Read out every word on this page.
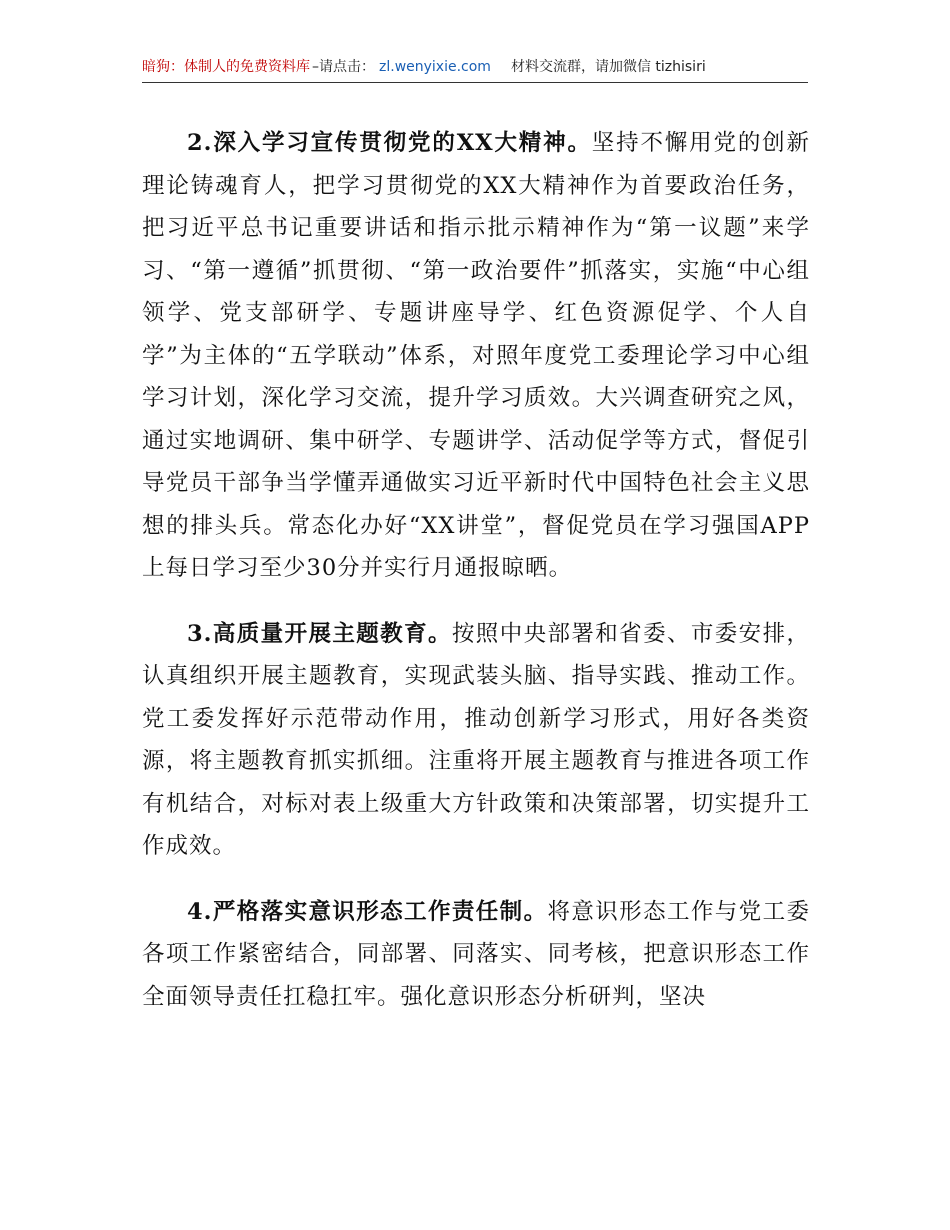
暗狗：体制人的免费资料库 –请点击： zl.wenyixie.com 材料交流群，请加微信 tizhisiri

2.深入学习宣传贯彻党的XX大精神。坚持不懈用党的创新理论铸魂育人，把学习贯彻党的XX大精神作为首要政治任务，把习近平总书记重要讲话和指示批示精神作为“第一议题”来学习、“第一遵循”抓贯彻、“第一政治要件”抓落实，实施“中心组领学、党支部研学、专题讲座导学、红色资源促学、个人自学”为主体的“五学联动”体系，对照年度党工委理论学习中心组学习计划，深化学习交流，提升学习质效。大兴调查研究之风，通过实地调研、集中研学、专题讲学、活动促学等方式，督促引导党员干部争当学懂弄通做实习近平新时代中国特色社会主义思想的排头兵。常态化办好“XX讲堂”，督促党员在学习强国APP上每日学习至少30分并实行月通报晾晒。

3.高质量开展主题教育。按照中央部署和省委、市委安排，认真组织开展主题教育，实现武装头脑、指导实践、推动工作。党工委发挥好示范带动作用，推动创新学习形式，用好各类资源，将主题教育抓实抓细。注重将开展主题教育与推进各项工作有机结合，对标对表上级重大方针政策和决策部署，切实提升工作成效。

4.严格落实意识形态工作责任制。将意识形态工作与党工委各项工作紧密结合，同部署、同落实、同考核，把意识形态工作全面领导责任扛稳扛牢。强化意识形态分析研判，坚决
